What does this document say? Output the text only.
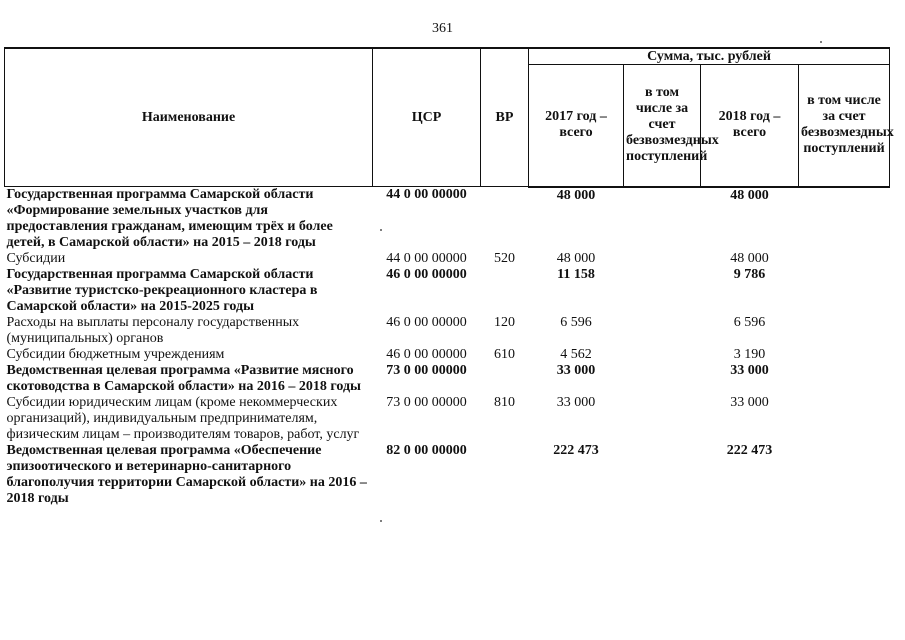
361
Наименование	ЦСР	ВР	Сумма, тыс. рублей			
			2017 год – всего	в том числе за счет безвозмездных поступлений	2018 год – всего	в том числе за счет безвозмездных поступлений
Государственная программа Самарской области «Формирование земельных участков для предоставления гражданам, имеющим трёх и более детей, в Самарской области» на 2015 – 2018 годы	44 0 00 00000		48 000		48 000	
Субсидии	44 0 00 00000	520	48 000		48 000	
Государственная программа Самарской области «Развитие туристско-рекреационного кластера в Самарской области» на 2015-2025 годы	46 0 00 00000		11 158		9 786	
Расходы на выплаты персоналу государственных (муниципальных) органов	46 0 00 00000	120	6 596		6 596	
Субсидии бюджетным учреждениям	46 0 00 00000	610	4 562		3 190	
Ведомственная целевая программа «Развитие мясного скотоводства в Самарской области» на 2016 – 2018 годы	73 0 00 00000		33 000		33 000	
Субсидии юридическим лицам (кроме некоммерческих организаций), индивидуальным предпринимателям, физическим лицам – производителям товаров, работ, услуг	73 0 00 00000	810	33 000		33 000	
Ведомственная целевая программа «Обеспечение эпизоотического и ветеринарно-санитарного благополучия территории Самарской области» на 2016 –2018 годы	82 0 00 00000		222 473		222 473	
